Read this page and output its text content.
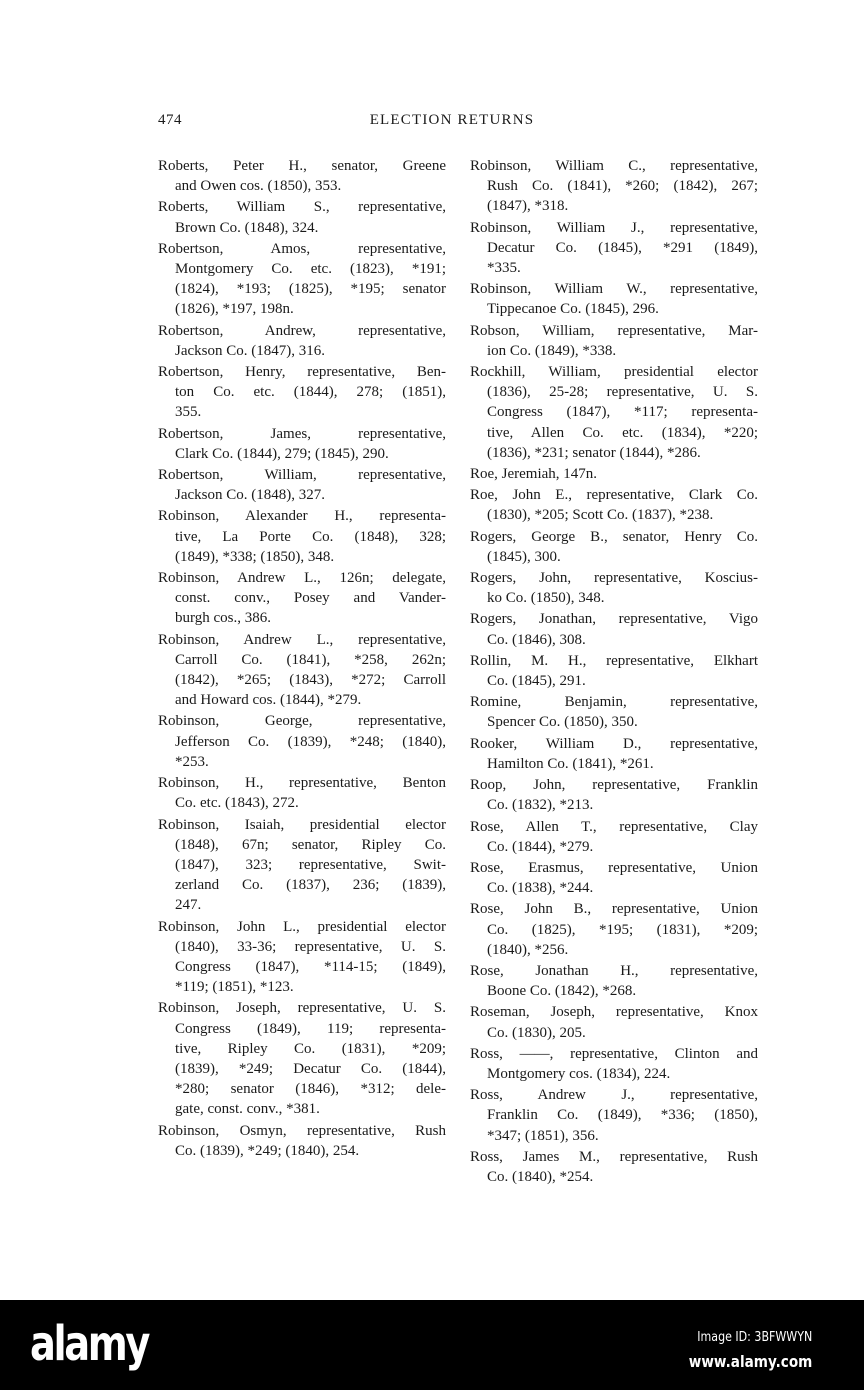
474	ELECTION RETURNS
Roberts, Peter H., senator, Greene
and Owen cos. (1850), 353.
Roberts, William S., representative,
Brown Co. (1848), 324.
Robertson, Amos, representative,
Montgomery Co. etc. (1823), *191;
(1824), *193; (1825), *195; senator
(1826), *197, 198n.
Robertson, Andrew, representative,
Jackson Co. (1847), 316.
Robertson, Henry, representative, Ben-
ton Co. etc. (1844), 278; (1851),
355.
Robertson, James, representative,
Clark Co. (1844), 279; (1845), 290.
Robertson, William, representative,
Jackson Co. (1848), 327.
Robinson, Alexander H., representa-
tive, La Porte Co. (1848), 328;
(1849), *338; (1850), 348.
Robinson, Andrew L., 126n; delegate,
const. conv., Posey and Vander-
burgh cos., 386.
Robinson, Andrew L., representative,
Carroll Co. (1841), *258, 262n;
(1842), *265; (1843), *272; Carroll
and Howard cos. (1844), *279.
Robinson, George, representative,
Jefferson Co. (1839), *248; (1840),
*253.
Robinson, H., representative, Benton
Co. etc. (1843), 272.
Robinson, Isaiah, presidential elector
(1848), 67n; senator, Ripley Co.
(1847), 323; representative, Swit-
zerland Co. (1837), 236; (1839),
247.
Robinson, John L., presidential elector
(1840), 33-36; representative, U. S.
Congress (1847), *114-15; (1849),
*119; (1851), *123.
Robinson, Joseph, representative, U. S.
Congress (1849), 119; representa-
tive, Ripley Co. (1831), *209;
(1839), *249; Decatur Co. (1844),
*280; senator (1846), *312; dele-
gate, const. conv., *381.
Robinson, Osmyn, representative, Rush
Co. (1839), *249; (1840), 254.
Robinson, William C., representative,
Rush Co. (1841), *260; (1842), 267;
(1847), *318.
Robinson, William J., representative,
Decatur Co. (1845), *291 (1849),
*335.
Robinson, William W., representative,
Tippecanoe Co. (1845), 296.
Robson, William, representative, Mar-
ion Co. (1849), *338.
Rockhill, William, presidential elector
(1836), 25-28; representative, U. S.
Congress (1847), *117; representa-
tive, Allen Co. etc. (1834), *220;
(1836), *231; senator (1844), *286.
Roe, Jeremiah, 147n.
Roe, John E., representative, Clark Co.
(1830), *205; Scott Co. (1837), *238.
Rogers, George B., senator, Henry Co.
(1845), 300.
Rogers, John, representative, Koscius-
ko Co. (1850), 348.
Rogers, Jonathan, representative, Vigo
Co. (1846), 308.
Rollin, M. H., representative, Elkhart
Co. (1845), 291.
Romine, Benjamin, representative,
Spencer Co. (1850), 350.
Rooker, William D., representative,
Hamilton Co. (1841), *261.
Roop, John, representative, Franklin
Co. (1832), *213.
Rose, Allen T., representative, Clay
Co. (1844), *279.
Rose, Erasmus, representative, Union
Co. (1838), *244.
Rose, John B., representative, Union
Co. (1825), *195; (1831), *209;
(1840), *256.
Rose, Jonathan H., representative,
Boone Co. (1842), *268.
Roseman, Joseph, representative, Knox
Co. (1830), 205.
Ross, ——, representative, Clinton and
Montgomery cos. (1834), 224.
Ross, Andrew J., representative,
Franklin Co. (1849), *336; (1850),
*347; (1851), 356.
Ross, James M., representative, Rush
Co. (1840), *254.
alamy	Image ID: 3BFWWYN
www.alamy.com
